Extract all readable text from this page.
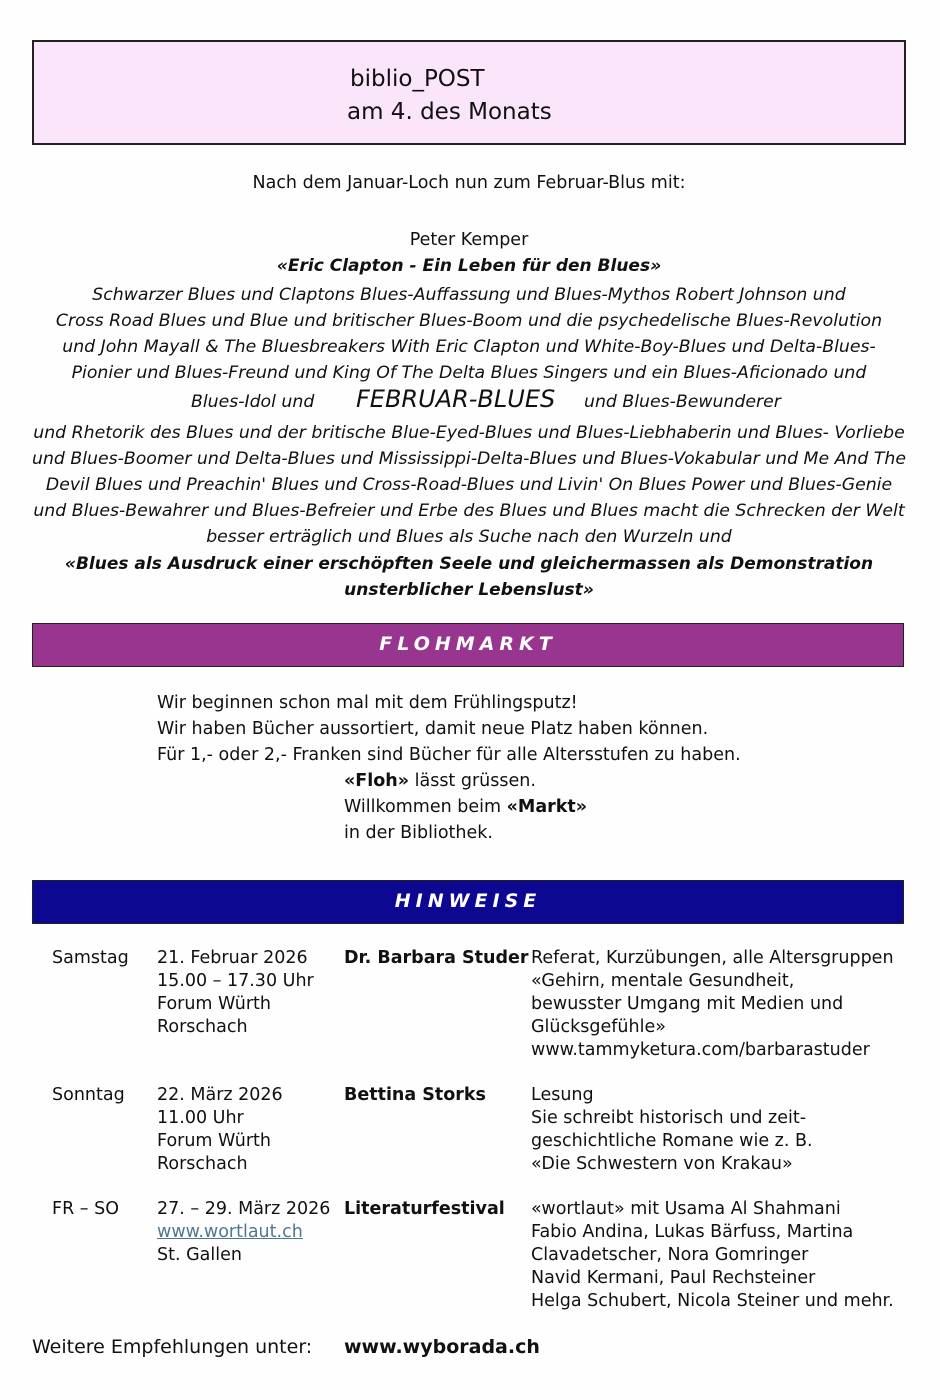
biblio_POST
am 4. des Monats
Nach dem Januar-Loch nun zum Februar-Blus mit:
Peter Kemper
«Eric Clapton - Ein Leben für den Blues»
Schwarzer Blues und Claptons Blues-Auffassung und Blues-Mythos Robert Johnson und
Cross Road Blues und Blue und britischer Blues-Boom und die psychedelische Blues-Revolution
und John Mayall & The Bluesbreakers With Eric Clapton und White-Boy-Blues und Delta-Blues-
Pionier und Blues-Freund und King Of The Delta Blues Singers und ein Blues-Aficionado und
Blues-Idol und FEBRUAR-BLUES und Blues-Bewunderer
und Rhetorik des Blues und der britische Blue-Eyed-Blues und Blues-Liebhaberin und Blues- Vorliebe und Blues-Boomer und Delta-Blues und Mississippi-Delta-Blues und Blues-Vokabular und Me And The Devil Blues und Preachin' Blues und Cross-Road-Blues und Livin' On Blues Power und Blues-Genie und Blues-Bewahrer und Blues-Befreier und Erbe des Blues und Blues macht die Schrecken der Welt besser erträglich und Blues als Suche nach den Wurzeln und
«Blues als Ausdruck einer erschöpften Seele und gleichermassen als Demonstration
unsterblicher Lebenslust»
FLOHMARKT
Wir beginnen schon mal mit dem Frühlingsputz!
Wir haben Bücher aussortiert, damit neue Platz haben können.
Für 1,- oder 2,- Franken sind Bücher für alle Altersstufen zu haben.
«Floh» lässt grüssen.
Willkommen beim «Markt»
in der Bibliothek.
HINWEISE
Samstag 21. Februar 2026
15.00 – 17.30 Uhr
Forum Würth
Rorschach
Dr. Barbara Studer Referat, Kurzübungen, alle Altersgruppen
«Gehirn, mentale Gesundheit,
bewusster Umgang mit Medien und
Glücksgefühle»
www.tammyketura.com/barbarastuder
Sonntag 22. März 2026
11.00 Uhr
Forum Würth
Rorschach
Bettina Storks	Lesung
Sie schreibt historisch und zeit-
geschichtliche Romane wie z. B.
«Die Schwestern von Krakau»
FR – SO 27. – 29. März 2026
www.wortlaut.ch
St. Gallen
Literaturfestival «wortlaut» mit Usama Al Shahmani
Fabio Andina, Lukas Bärfuss, Martina
Clavadetscher, Nora Gomringer
Navid Kermani, Paul Rechsteiner
Helga Schubert, Nicola Steiner und mehr.
Weitere Empfehlungen unter: www.wyborada.ch
